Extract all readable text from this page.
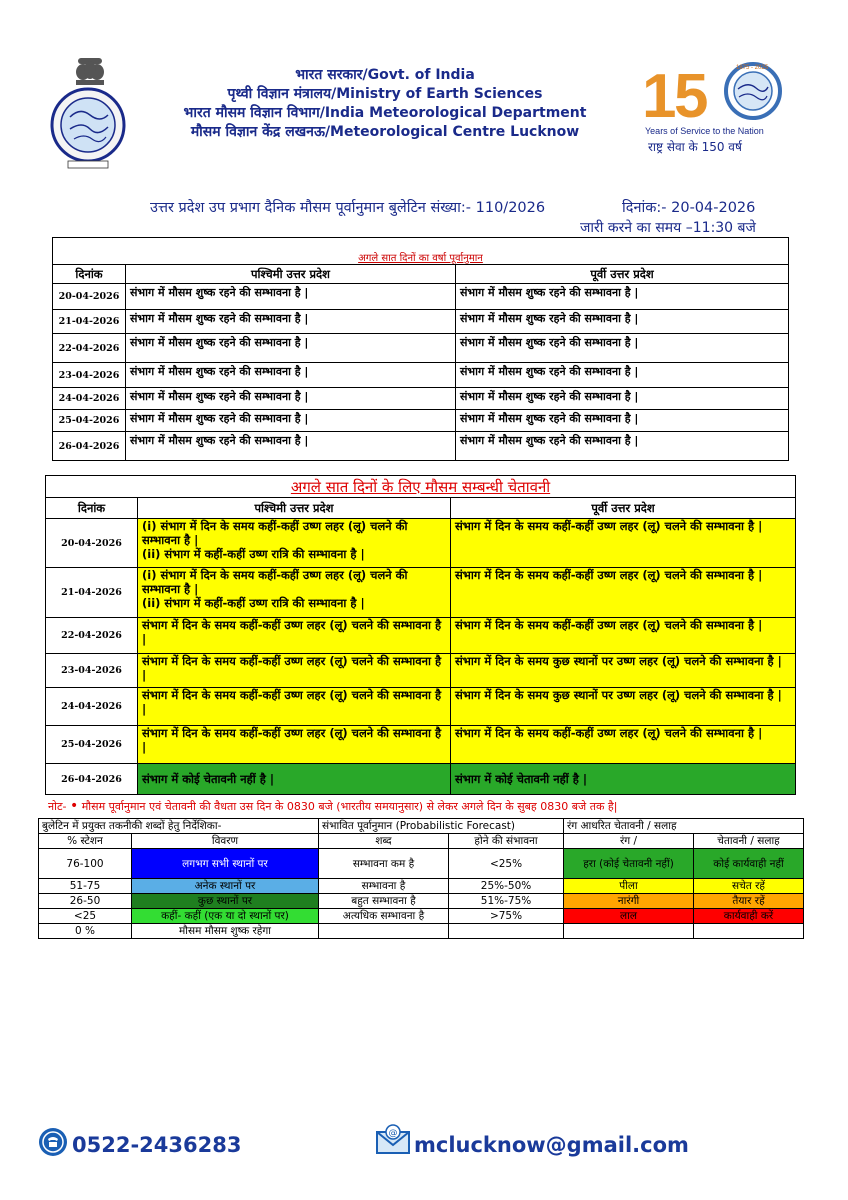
भारत सरकार/Govt. of India
पृथ्वी विज्ञान मंत्रालय/Ministry of Earth Sciences
भारत मौसम विज्ञान विभाग/India Meteorological Department
मौसम विज्ञान केंद्र लखनऊ/Meteorological Centre Lucknow
1
5	1875 - 2025
Years of Service to the Nation
राष्ट्र सेवा के 150 वर्ष
उत्तर प्रदेश उप प्रभाग दैनिक मौसम पूर्वानुमान बुलेटिन संख्या:- 110/2026	दिनांक:- 20-04-2026
जारी करने का समय –11:30 बजे
अगले सात दिनों का वर्षा पूर्वानुमान		
दिनांक	पश्चिमी उत्तर प्रदेश	पूर्वी उत्तर प्रदेश
20-04-2026	संभाग में मौसम शुष्क रहने की सम्भावना है |	संभाग में मौसम शुष्क रहने की सम्भावना है |
21-04-2026	संभाग में मौसम शुष्क रहने की सम्भावना है |	संभाग में मौसम शुष्क रहने की सम्भावना है |
22-04-2026	संभाग में मौसम शुष्क रहने की सम्भावना है |	संभाग में मौसम शुष्क रहने की सम्भावना है |
23-04-2026	संभाग में मौसम शुष्क रहने की सम्भावना है |	संभाग में मौसम शुष्क रहने की सम्भावना है |
24-04-2026	संभाग में मौसम शुष्क रहने की सम्भावना है |	संभाग में मौसम शुष्क रहने की सम्भावना है |
25-04-2026	संभाग में मौसम शुष्क रहने की सम्भावना है |	संभाग में मौसम शुष्क रहने की सम्भावना है |
26-04-2026	संभाग में मौसम शुष्क रहने की सम्भावना है |	संभाग में मौसम शुष्क रहने की सम्भावना है |
अगले सात दिनों के लिए मौसम सम्बन्धी चेतावनी		
दिनांक	पश्चिमी उत्तर प्रदेश	पूर्वी उत्तर प्रदेश
20-04-2026	(i) संभाग में दिन के समय कहीं-कहीं उष्ण लहर (लू) चलने की सम्भावना है |
(ii) संभाग में कहीं-कहीं उष्ण रात्रि की सम्भावना है |	संभाग में दिन के समय कहीं-कहीं उष्ण लहर (लू) चलने की सम्भावना है |
21-04-2026	(i) संभाग में दिन के समय कहीं-कहीं उष्ण लहर (लू) चलने की सम्भावना है |
(ii) संभाग में कहीं-कहीं उष्ण रात्रि की सम्भावना है |	संभाग में दिन के समय कहीं-कहीं उष्ण लहर (लू) चलने की सम्भावना है |
22-04-2026	संभाग में दिन के समय कहीं-कहीं उष्ण लहर (लू) चलने की सम्भावना है |	संभाग में दिन के समय कहीं-कहीं उष्ण लहर (लू) चलने की सम्भावना है |
23-04-2026	संभाग में दिन के समय कहीं-कहीं उष्ण लहर (लू) चलने की सम्भावना है |	संभाग में दिन के समय कुछ स्थानों पर उष्ण लहर (लू) चलने की सम्भावना है |
24-04-2026	संभाग में दिन के समय कहीं-कहीं उष्ण लहर (लू) चलने की सम्भावना है |	संभाग में दिन के समय कुछ स्थानों पर उष्ण लहर (लू) चलने की सम्भावना है |
25-04-2026	संभाग में दिन के समय कहीं-कहीं उष्ण लहर (लू) चलने की सम्भावना है |	संभाग में दिन के समय कहीं-कहीं उष्ण लहर (लू) चलने की सम्भावना है |
26-04-2026	संभाग में कोई चेतावनी नहीं है |	संभाग में कोई चेतावनी नहीं है |
नोट- • मौसम पूर्वानुमान एवं चेतावनी की वैधता उस दिन के 0830 बजे (भारतीय समयानुसार) से लेकर अगले दिन के सुबह 0830 बजे तक है|
बुलेटिन में प्रयुक्त तकनीकी शब्दों हेतु निर्देशिका-		संभावित पूर्वानुमान (Probabilistic Forecast)		रंग आधरित चेतावनी / सलाह	
% स्टेशन	विवरण	शब्द	होने की संभावना	रंग /	चेतावनी / सलाह
76-100	लगभग सभी स्थानों पर	सम्भावना कम है	<25%	हरा (कोई चेतावनी नहीं)	कोई कार्यवाही नहीं
51-75	अनेक स्थानों पर	सम्भावना है	25%-50%	पीला	सचेत रहें
26-50	कुछ स्थानों पर	बहुत सम्भावना है	51%-75%	नारंगी	तैयार रहें
<25	कहीं- कहीं (एक या दो स्थानों पर)	अत्यधिक सम्भावना है	>75%	लाल	कार्यवाही करें
0 %	मौसम मौसम शुष्क रहेगा				
0522-2436283	@ mclucknow@gmail.com
